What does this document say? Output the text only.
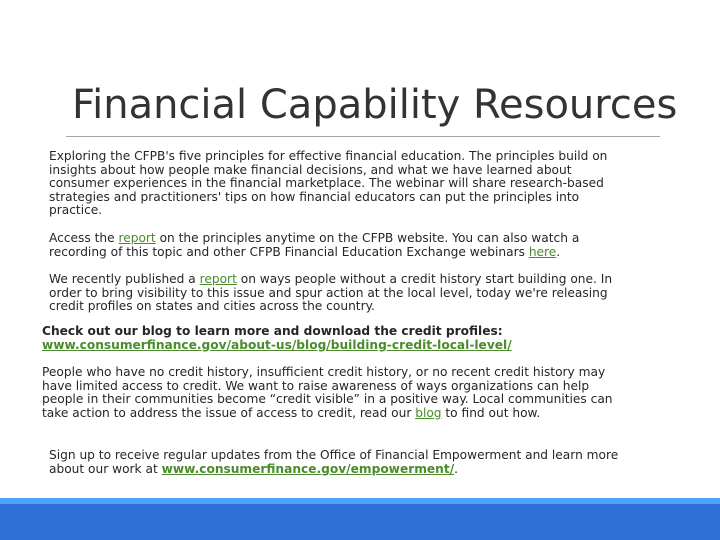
Financial Capability Resources

Exploring the CFPB's five principles for effective financial education. The principles build on insights about how people make financial decisions, and what we have learned about consumer experiences in the financial marketplace. The webinar will share research-based strategies and practitioners' tips on how financial educators can put the principles into practice.

Access the report on the principles anytime on the CFPB website. You can also watch a recording of this topic and other CFPB Financial Education Exchange webinars here.

We recently published a report on ways people without a credit history start building one. In order to bring visibility to this issue and spur action at the local level, today we're releasing credit profiles on states and cities across the country.

Check out our blog to learn more and download the credit profiles:
www.consumerfinance.gov/about-us/blog/building-credit-local-level/

People who have no credit history, insufficient credit history, or no recent credit history may have limited access to credit. We want to raise awareness of ways organizations can help people in their communities become “credit visible” in a positive way. Local communities can take action to address the issue of access to credit, read our blog to find out how.

Sign up to receive regular updates from the Office of Financial Empowerment and learn more about our work at www.consumerfinance.gov/empowerment/.
